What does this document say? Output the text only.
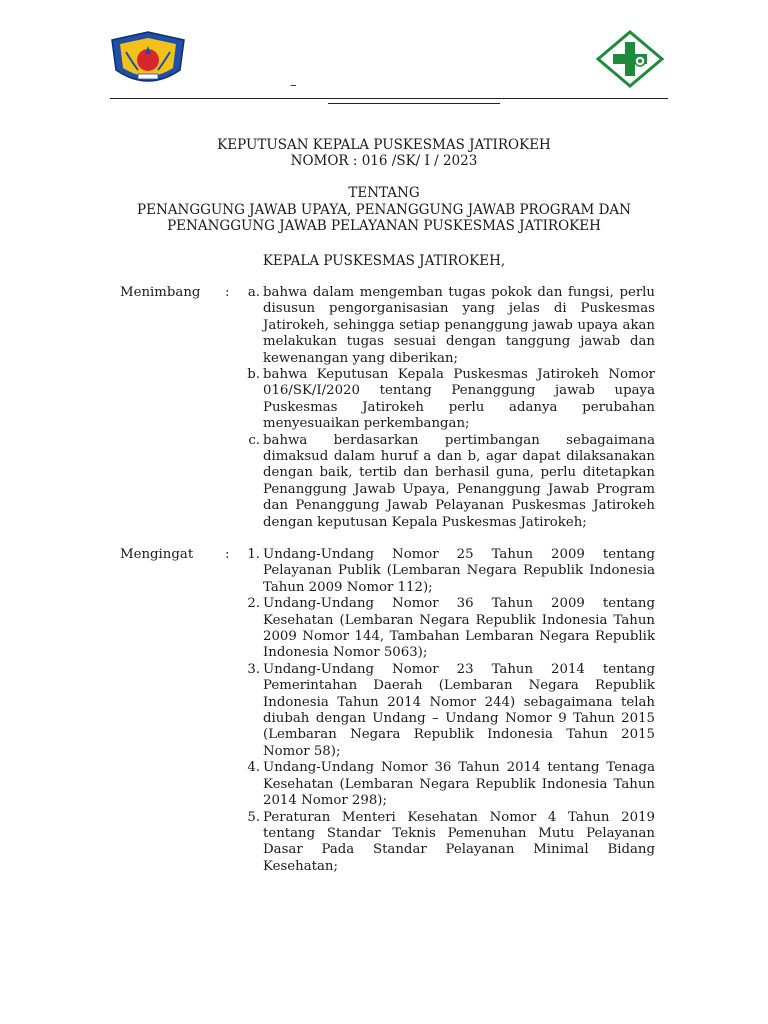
–
KEPUTUSAN KEPALA PUSKESMAS JATIROKEH
NOMOR : 016 /SK/ I / 2023
TENTANG
PENANGGUNG JAWAB UPAYA, PENANGGUNG JAWAB PROGRAM DAN
PENANGGUNG JAWAB PELAYANAN PUSKESMAS JATIROKEH
KEPALA PUSKESMAS JATIROKEH,
Menimbang :	a. bahwa dalam mengemban tugas pokok dan fungsi, perlu disusun pengorganisasian yang jelas di Puskesmas Jatirokeh, sehingga setiap penanggung jawab upaya akan melakukan tugas sesuai dengan tanggung jawab dan kewenangan yang diberikan;
b. bahwa Keputusan Kepala Puskesmas Jatirokeh Nomor 016/SK/I/2020 tentang Penanggung jawab upaya Puskesmas Jatirokeh perlu adanya perubahan menyesuaikan perkembangan;
c. bahwa berdasarkan pertimbangan sebagaimana dimaksud dalam huruf a dan b, agar dapat dilaksanakan dengan baik, tertib dan berhasil guna, perlu ditetapkan Penanggung Jawab Upaya, Penanggung Jawab Program dan Penanggung Jawab Pelayanan Puskesmas Jatirokeh dengan keputusan Kepala Puskesmas Jatirokeh;
Mengingat :	1. Undang-Undang Nomor 25 Tahun 2009 tentang Pelayanan Publik (Lembaran Negara Republik Indonesia Tahun 2009 Nomor 112);
2. Undang-Undang Nomor 36 Tahun 2009 tentang Kesehatan (Lembaran Negara Republik Indonesia Tahun 2009 Nomor 144, Tambahan Lembaran Negara Republik Indonesia Nomor 5063);
3. Undang-Undang Nomor 23 Tahun 2014 tentang Pemerintahan Daerah (Lembaran Negara Republik Indonesia Tahun 2014 Nomor 244) sebagaimana telah diubah dengan Undang – Undang Nomor 9 Tahun 2015 (Lembaran Negara Republik Indonesia Tahun 2015 Nomor 58);
4. Undang-Undang Nomor 36 Tahun 2014 tentang Tenaga Kesehatan (Lembaran Negara Republik Indonesia Tahun 2014 Nomor 298);
5. Peraturan Menteri Kesehatan Nomor 4 Tahun 2019 tentang Standar Teknis Pemenuhan Mutu Pelayanan Dasar Pada Standar Pelayanan Minimal Bidang Kesehatan;
